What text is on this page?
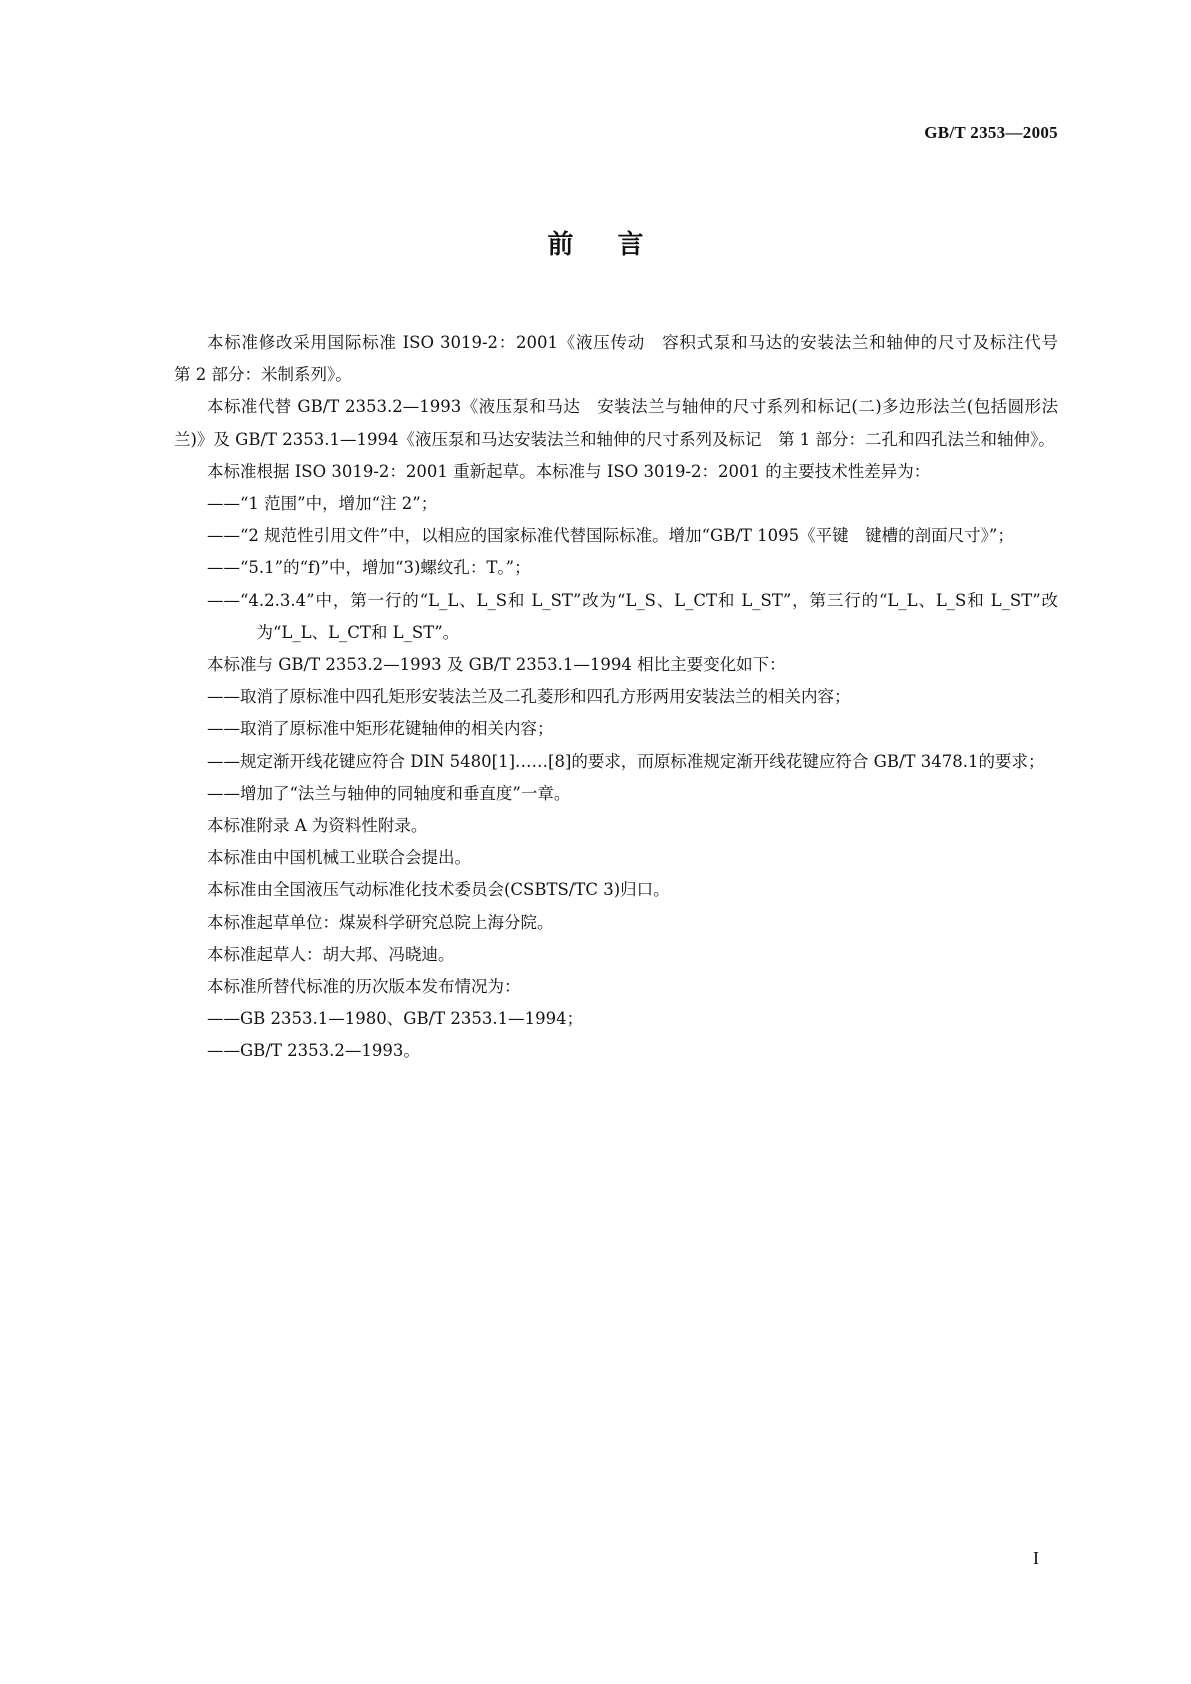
GB/T 2353—2005
前言

本标准修改采用国际标准 ISO 3019-2：2001《液压传动　容积式泵和马达的安装法兰和轴伸的尺寸及标注代号　第 2 部分：米制系列》。

本标准代替 GB/T 2353.2—1993《液压泵和马达　安装法兰与轴伸的尺寸系列和标记(二)多边形法兰(包括圆形法兰)》及 GB/T 2353.1—1994《液压泵和马达安装法兰和轴伸的尺寸系列及标记　第 1 部分：二孔和四孔法兰和轴伸》。

本标准根据 ISO 3019-2：2001 重新起草。本标准与 ISO 3019-2：2001 的主要技术性差异为：

——“1 范围”中，增加“注 2”；

——“2 规范性引用文件”中，以相应的国家标准代替国际标准。增加“GB/T 1095《平键　键槽的剖面尺寸》”；

——“5.1”的“f)”中，增加“3)螺纹孔：T。”；

——“4.2.3.4”中，第一行的“L_L、L_S和 L_ST”改为“L_S、L_CT和 L_ST”，第三行的“L_L、L_S和 L_ST”改为“L_L、L_CT和 L_ST”。

本标准与 GB/T 2353.2—1993 及 GB/T 2353.1—1994 相比主要变化如下：

——取消了原标准中四孔矩形安装法兰及二孔菱形和四孔方形两用安装法兰的相关内容；

——取消了原标准中矩形花键轴伸的相关内容；

——规定渐开线花键应符合 DIN 5480[1]……[8]的要求，而原标准规定渐开线花键应符合 GB/T 3478.1的要求；

——增加了“法兰与轴伸的同轴度和垂直度”一章。

本标准附录 A 为资料性附录。

本标准由中国机械工业联合会提出。

本标准由全国液压气动标准化技术委员会(CSBTS/TC 3)归口。

本标准起草单位：煤炭科学研究总院上海分院。

本标准起草人：胡大邦、冯晓迪。

本标准所替代标准的历次版本发布情况为：

——GB 2353.1—1980、GB/T 2353.1—1994；

——GB/T 2353.2—1993。

I
